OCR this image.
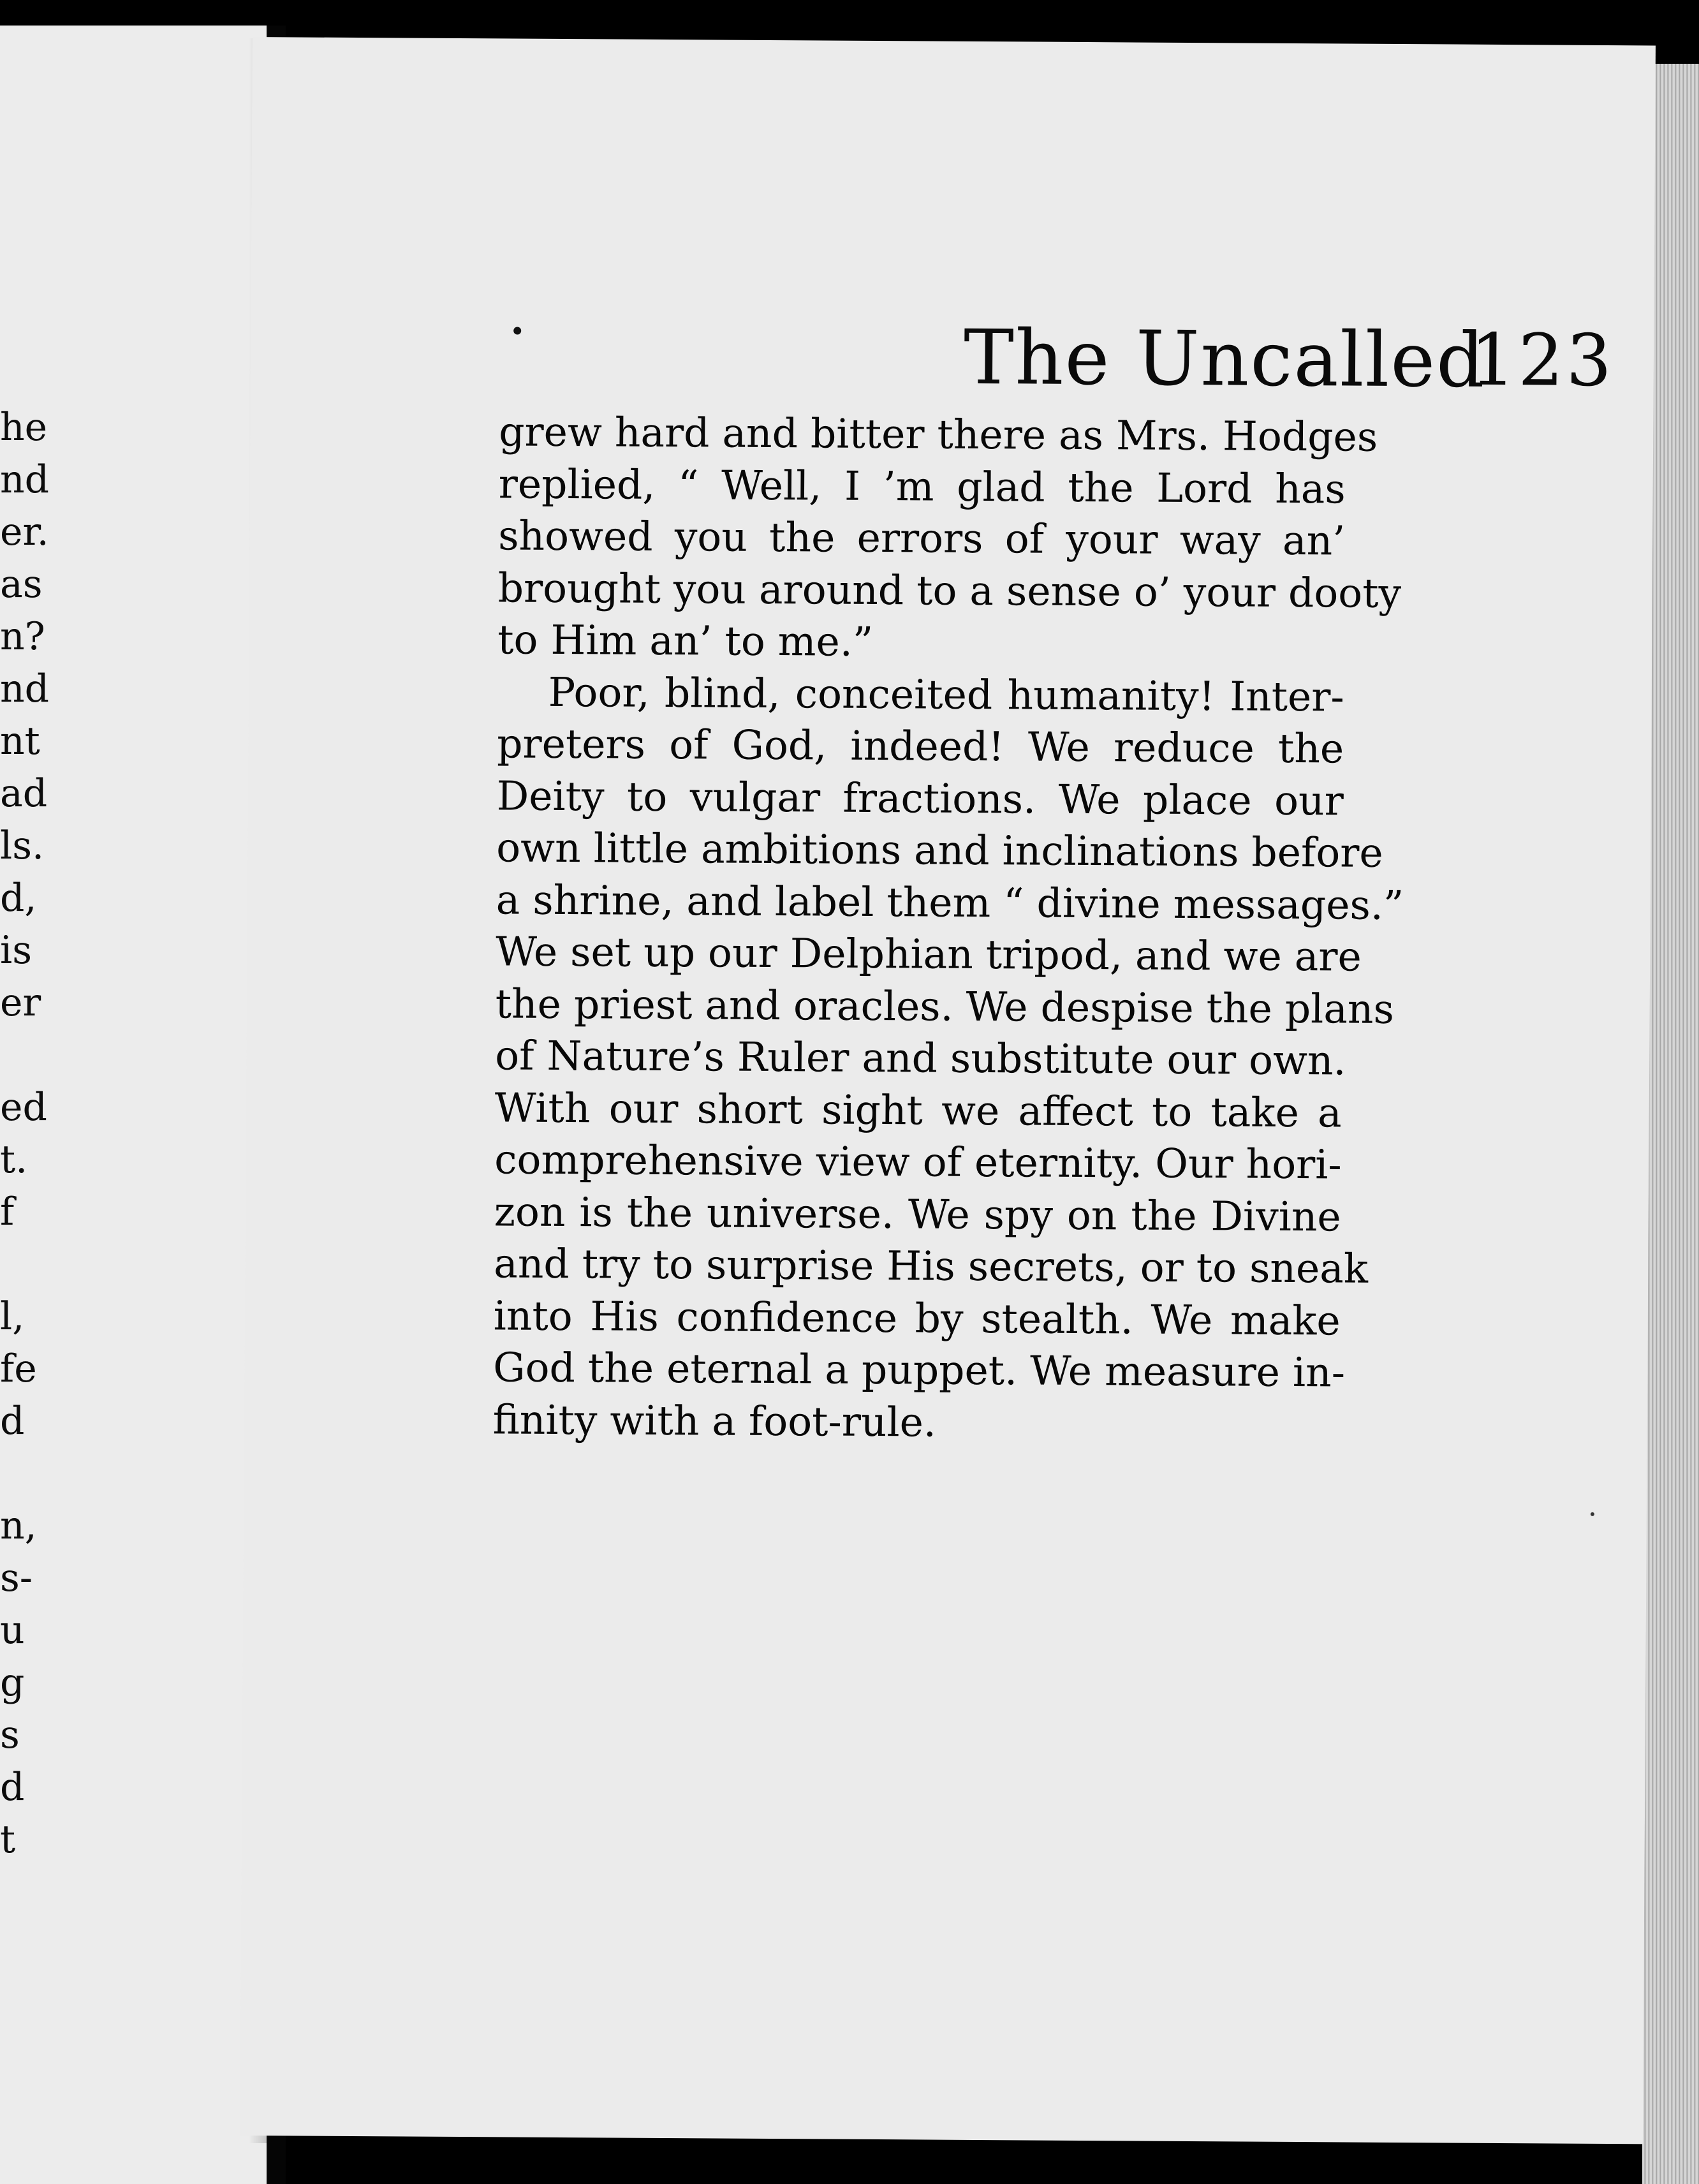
he
nd
er.
as
n?
nd
nt
ad
ls.
d,
is
er
ed
t.
f
l,
fe
d
n,
s-
u
g
s
d
t
The Uncalled
123
grew hard and bitter there as Mrs. Hodges
replied, “ Well, I ’m glad the Lord has
showed you the errors of your way an’
brought you around to a sense o’ your dooty
to Him an’ to me.”
Poor, blind, conceited humanity! Inter-
preters of God, indeed! We reduce the
Deity to vulgar fractions. We place our
own little ambitions and inclinations before
a shrine, and label them “ divine messages.”
We set up our Delphian tripod, and we are
the priest and oracles. We despise the plans
of Nature’s Ruler and substitute our own.
With our short sight we affect to take a
comprehensive view of eternity. Our hori-
zon is the universe. We spy on the Divine
and try to surprise His secrets, or to sneak
into His confidence by stealth. We make
God the eternal a puppet. We measure in-
finity with a foot-rule.
